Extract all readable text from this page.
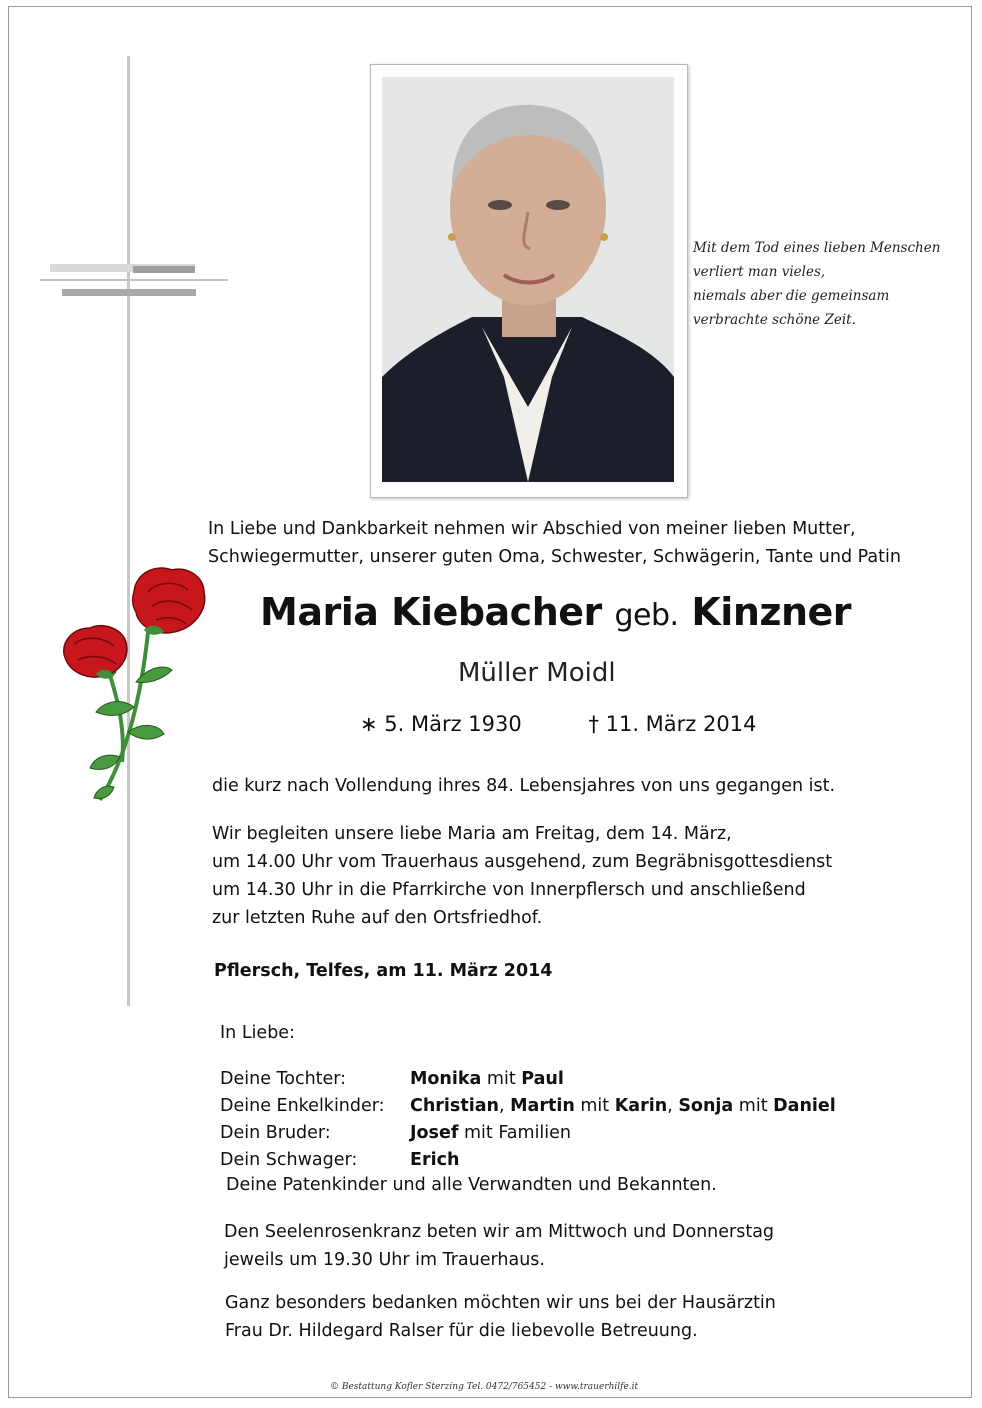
Mit dem Tod eines lieben Menschen
verliert man vieles,
niemals aber die gemeinsam
verbrachte schöne Zeit.
In Liebe und Dankbarkeit nehmen wir Abschied von meiner lieben Mutter,
Schwiegermutter, unserer guten Oma, Schwester, Schwägerin, Tante und Patin
Maria Kiebacher geb. Kinzner
Müller Moidl
∗ 5. März 1930	† 11. März 2014
die kurz nach Vollendung ihres 84. Lebensjahres von uns gegangen ist.
Wir begleiten unsere liebe Maria am Freitag, dem 14. März,
um 14.00 Uhr vom Trauerhaus ausgehend, zum Begräbnisgottesdienst
um 14.30 Uhr in die Pfarrkirche von Innerpflersch und anschließend
zur letzten Ruhe auf den Ortsfriedhof.
Pflersch, Telfes, am 11. März 2014
In Liebe:
Deine Tochter:	Monika mit Paul
Deine Enkelkinder: Christian, Martin mit Karin, Sonja mit Daniel
Dein Bruder:	Josef mit Familien
Dein Schwager:	Erich
Deine Patenkinder und alle Verwandten und Bekannten.
Den Seelenrosenkranz beten wir am Mittwoch und Donnerstag
jeweils um 19.30 Uhr im Trauerhaus.
Ganz besonders bedanken möchten wir uns bei der Hausärztin
Frau Dr. Hildegard Ralser für die liebevolle Betreuung.
© Bestattung Kofler Sterzing Tel. 0472/765452 - www.trauerhilfe.it
